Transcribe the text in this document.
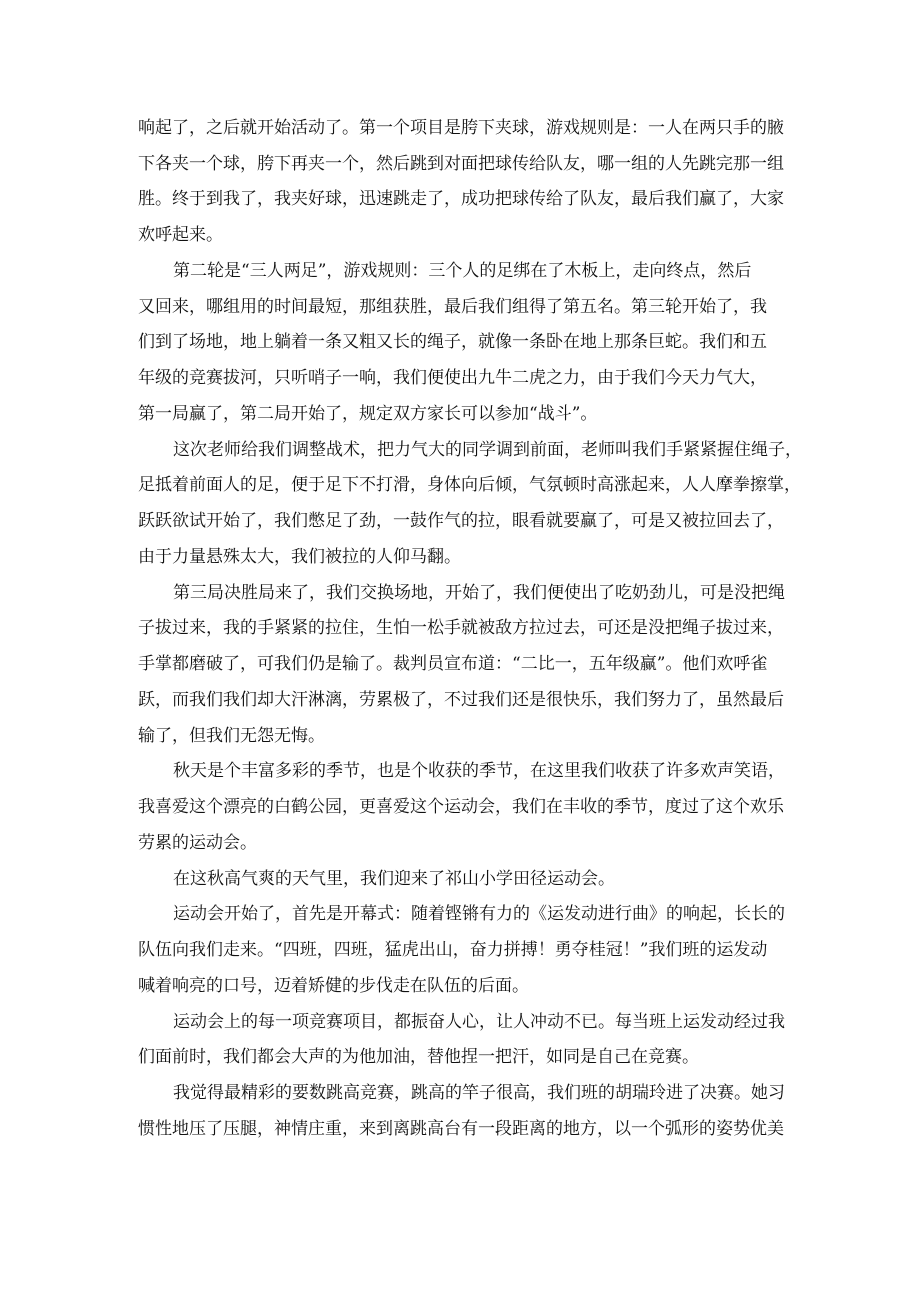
响起了，之后就开始活动了。第一个项目是胯下夹球，游戏规则是：一人在两只手的腋

下各夹一个球，胯下再夹一个，然后跳到对面把球传给队友，哪一组的人先跳完那一组

胜。终于到我了，我夹好球，迅速跳走了，成功把球传给了队友，最后我们赢了，大家

欢呼起来。

第二轮是“三人两足”，游戏规则：三个人的足绑在了木板上，走向终点，然后

又回来，哪组用的时间最短，那组获胜，最后我们组得了第五名。第三轮开始了，我

们到了场地，地上躺着一条又粗又长的绳子，就像一条卧在地上那条巨蛇。我们和五

年级的竞赛拔河，只听哨子一响，我们便使出九牛二虎之力，由于我们今天力气大，

第一局赢了，第二局开始了，规定双方家长可以参加“战斗”。

这次老师给我们调整战术，把力气大的同学调到前面，老师叫我们手紧紧握住绳子，

足抵着前面人的足，便于足下不打滑，身体向后倾，气氛顿时高涨起来，人人摩拳擦掌，

跃跃欲试开始了，我们憋足了劲，一鼓作气的拉，眼看就要赢了，可是又被拉回去了，

由于力量悬殊太大，我们被拉的人仰马翻。

第三局决胜局来了，我们交换场地，开始了，我们便使出了吃奶劲儿，可是没把绳

子拔过来，我的手紧紧的拉住，生怕一松手就被敌方拉过去，可还是没把绳子拔过来，

手掌都磨破了，可我们仍是输了。裁判员宣布道：“二比一，五年级赢”。他们欢呼雀

跃，而我们我们却大汗淋漓，劳累极了，不过我们还是很快乐，我们努力了，虽然最后

输了，但我们无怨无悔。

秋天是个丰富多彩的季节，也是个收获的季节，在这里我们收获了许多欢声笑语，

我喜爱这个漂亮的白鹤公园，更喜爱这个运动会，我们在丰收的季节，度过了这个欢乐

劳累的运动会。

在这秋高气爽的天气里，我们迎来了祁山小学田径运动会。

运动会开始了，首先是开幕式：随着铿锵有力的《运发动进行曲》的响起，长长的

队伍向我们走来。“四班，四班，猛虎出山，奋力拼搏！勇夺桂冠！”我们班的运发动

喊着响亮的口号，迈着矫健的步伐走在队伍的后面。

运动会上的每一项竞赛项目，都振奋人心，让人冲动不已。每当班上运发动经过我

们面前时，我们都会大声的为他加油，替他捏一把汗，如同是自己在竞赛。

我觉得最精彩的要数跳高竞赛，跳高的竿子很高，我们班的胡瑞玲进了决赛。她习

惯性地压了压腿，神情庄重，来到离跳高台有一段距离的地方，以一个弧形的姿势优美
